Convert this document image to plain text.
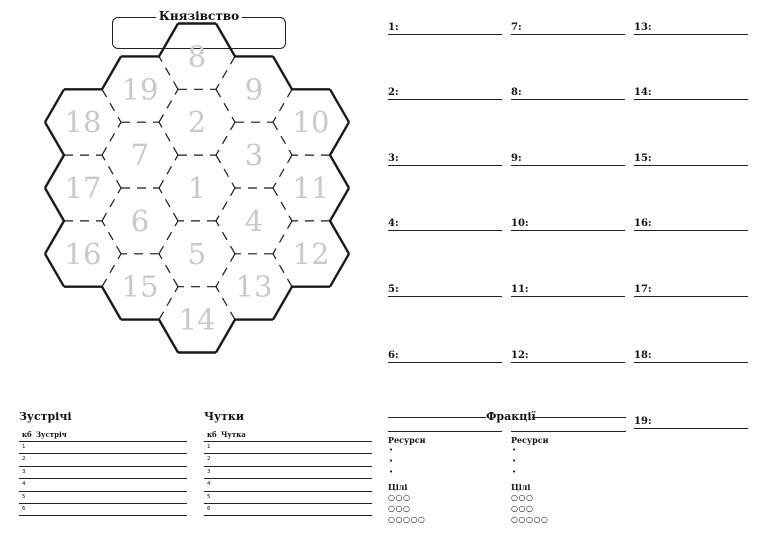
Князівство
8
19	9
18	2	10
7	3
17	1	11
6	4
16	5	12
15	13
14
1:
2:
3:
4:
5:
6:
7:
8:
9:
10:
11:
12:
13:
14:
15:
16:
17:
18:
19:
Зустрічі
кб Зустріч
1
2
3
4
5
6
Чутки
кб Чутка
1
2
3
4
5
6
Фракції
Ресурси
•
•
•
Цілі
○○○
○○○
○○○○○
Ресурси
•
•
•
Цілі
○○○
○○○
○○○○○
